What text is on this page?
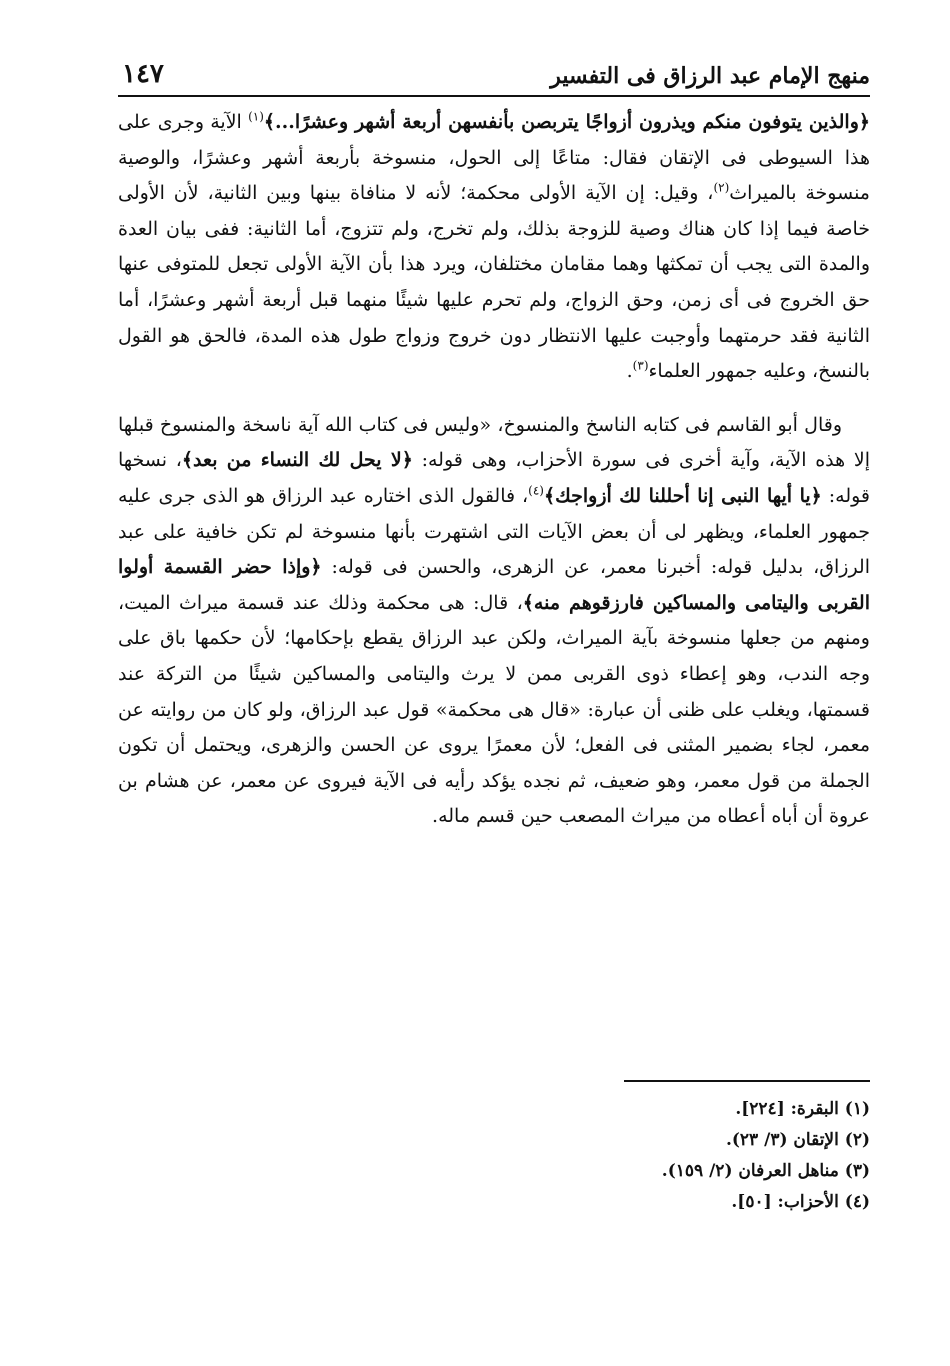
منهج الإمام عبد الرزاق فى التفسير
١٤٧

﴿والذين يتوفون منكم ويذرون أزواجًا يتربصن بأنفسهن أربعة أشهر وعشرًا...﴾$^{(١)}$ الآية وجرى على هذا السيوطى فى الإتقان فقال: متاعًا إلى الحول، منسوخة بأربعة أشهر وعشرًا، والوصية منسوخة بالميراث$^{(٢)}$، وقيل: إن الآية الأولى محكمة؛ لأنه لا منافاة بينها وبين الثانية، لأن الأولى خاصة فيما إذا كان هناك وصية للزوجة بذلك، ولم تخرج، ولم تتزوج، أما الثانية: ففى بيان العدة والمدة التى يجب أن تمكثها وهما مقامان مختلفان، ويرد هذا بأن الآية الأولى تجعل للمتوفى عنها حق الخروج فى أى زمن، وحق الزواج، ولم تحرم عليها شيئًا منهما قبل أربعة أشهر وعشرًا، أما الثانية فقد حرمتهما وأوجبت عليها الانتظار دون خروج وزواج طول هذه المدة، فالحق هو القول بالنسخ، وعليه جمهور العلماء$^{(٣)}$.

وقال أبو القاسم فى كتابه الناسخ والمنسوخ، «وليس فى كتاب الله آية ناسخة والمنسوخ قبلها إلا هذه الآية، وآية أخرى فى سورة الأحزاب، وهى قوله: ﴿لا يحل لك النساء من بعد﴾، نسخها قوله: ﴿يا أيها النبى إنا أحللنا لك أزواجك﴾$^{(٤)}$، فالقول الذى اختاره عبد الرزاق هو الذى جرى عليه جمهور العلماء، ويظهر لى أن بعض الآيات التى اشتهرت بأنها منسوخة لم تكن خافية على عبد الرزاق، بدليل قوله: أخبرنا معمر، عن الزهرى، والحسن فى قوله: ﴿وإذا حضر القسمة أولوا القربى واليتامى والمساكين فارزقوهم منه﴾، قال: هى محكمة وذلك عند قسمة ميراث الميت، ومنهم من جعلها منسوخة بآية الميراث، ولكن عبد الرزاق يقطع بإحكامها؛ لأن حكمها باق على وجه الندب، وهو إعطاء ذوى القربى ممن لا يرث واليتامى والمساكين شيئًا من التركة عند قسمتها، ويغلب على ظنى أن عبارة: «قال هى محكمة» قول عبد الرزاق، ولو كان من روايته عن معمر، لجاء بضمير المثنى فى الفعل؛ لأن معمرًا يروى عن الحسن والزهرى، ويحتمل أن تكون الجملة من قول معمر، وهو ضعيف، ثم نجده يؤكد رأيه فى الآية فيروى عن معمر، عن هشام بن عروة أن أباه أعطاه من ميراث المصعب حين قسم ماله.

(١) البقرة: [٢٢٤].
(٢) الإتقان (٣/ ٢٣).
(٣) مناهل العرفان (٢/ ١٥٩).
(٤) الأحزاب: [٥٠].
